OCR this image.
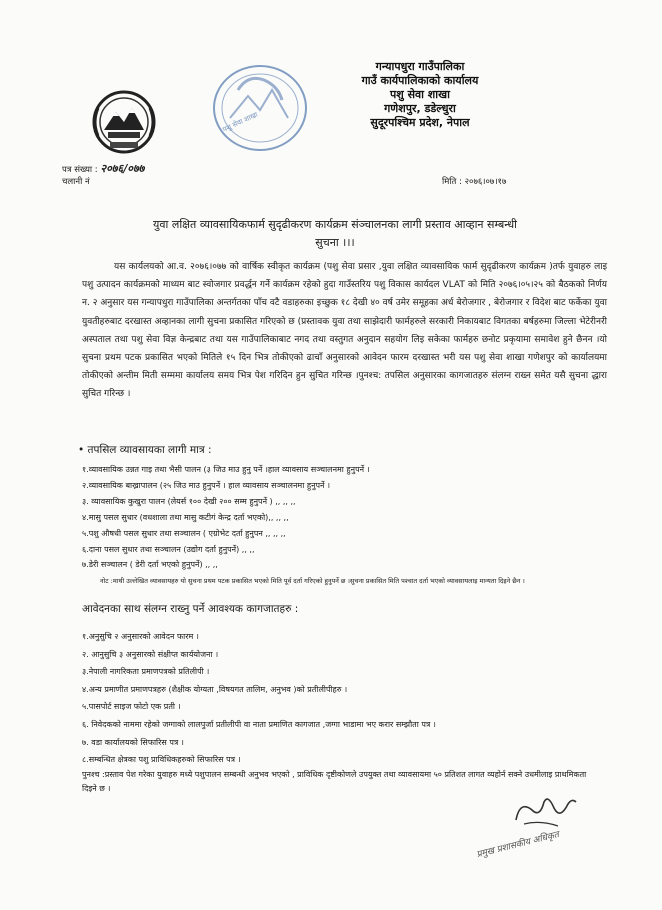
पशु सेवा शाखा
गन्यापधुरा गाउँपालिका
गाउँ कार्यपालिकाको कार्यालय
पशु सेवा शाखा
गणेशपुर, डडेल्धुरा
सुदूरपश्चिम प्रदेश, नेपाल
पत्र संख्या : २०७६/०७७
चलानी नं	मिति : २०७६।०७।१७
युवा लक्षित व्यावसायिकफार्म सुदृढीकरण कार्यक्रम संञ्चालनका लागी प्रस्ताव आव्हान सम्बन्धी
सुचना ।।।
यस कार्यलयको आ.व. २०७६।०७७ को वार्षिक स्वीकृत कार्यक्रम (पशु सेवा प्रसार ,युवा लक्षित व्यावसायिक फार्म सुदृढीकरण कार्यक्रम )तर्फ युवाहरु लाइ पशु उत्पादन कार्यक्रमको माध्यम बाट स्वोजगार प्रवर्द्धन गर्ने कार्यक्रम रहेको हुदा गाउँस्तरिय पशु विकास कार्यदल VLAT को मिति २०७६।०५।२५ को बैठकको निर्णय न. २ अनुसार यस गन्यापधुरा गाउँपालिका अन्तर्गतका पाँच वटै वडाहरुका इच्छुक १८ देखी ४० वर्ष उमेर समूहका अर्ध बेरोजगार , बेरोजगार र विदेश बाट फर्केका युवा युवतीहरुबाट दरखास्त अव्हानका लागी सुचना प्रकासित गरिएको छ (प्रस्तावक युवा तथा साझेदारी फार्महरुले सरकारी निकायबाट विगतका बर्षहरुमा जिल्ला भेटेरीनरी अस्पताल तथा पशु सेवा विज्ञ केन्द्रबाट तथा यस गाउँपालिकाबाट नगद तथा वस्तुगत अनुदान सहयोग लिइ सकेका फार्महरु छनोट प्रकृयामा समावेश हुने छैनन ।यो सुचना प्रथम पटक प्रकासित भएको मितिले १५ दिन भित्र तोकीएको ढाचाँ अनुसारको आवेदन फारम दरखास्त भरी यस पशु सेवा शाखा गणेशपुर को कार्यालयमा तोकीएको अन्तीम मिती सम्ममा कार्यालय समय भित्र पेश गरिदिन हुन सुचित गरिन्छ ।पुनश्च: तपसिल अनुसारका कागजातहरु संलग्न राख्न समेत यसै सुचना द्धारा सुचित गरिन्छ ।
• तपसिल व्यावसायका लागी मात्र :
१.व्यावसायिक उन्नत गाइ तथा भैसी पालन (३ जिउ माउ हुनु पर्ने ।हाल व्यावसाय सञ्चालनमा हुनुपर्ने ।
२.व्यावसायिक बाख्रापालन (२५ जिउ माउ हुनुपर्ने । हाल व्यावसाय सञ्चालनमा हुनुपर्ने ।
३. व्यावसायिक कुखुरा पालन (लेयर्स १०० देखी २०० सम्म हुनुपर्ने ) ,, ,, ,,
४.मासु पसल सुधार (वधशाला तथा मासु कटीगं केन्द्र दर्ता भएको),, ,, ,,
५.पशु औषधी पसल सुधार तथा सञ्चालन ( एग्रोभेट दर्ता हुनुपन ,, ,, ,,
६.दाना पसल सुधार तथा सञ्चालन (उद्योग दर्ता हुनुपर्ने) ,, ,,
७.डेरी सञ्चालन ( डेरी दर्ता भएको हुनुपर्ने) ,, ,,
नोट :माथी उल्लेखित व्यावसायहरु यो सुचना प्रथम पटक प्रकासित भएको मिति पूर्व दर्ता गरिएको हुनुपर्ने छ ।सुचना प्रकासित मिति पश्चात दर्ता भएको व्यावसायलाइ मान्यता दिइने छैन ।
आवेदनका साथ संलग्न राख्नु पर्ने आवश्यक कागजातहरु :
१.अनुसुचि २ अनुसारको आवेदन फारम ।
२. आनुसुचि ३ अनुसारको संक्षीप्त कार्ययोजना ।
३.नेपाली नागरिकता प्रमाणपत्रको प्रतिलीपी ।
४.अन्य प्रमाणीत प्रमाणपत्रहरु (शैक्षीक योग्यता ,विषयगत तालिम, अनुभव )को प्रतीलीपीहरु ।
५.पासपोर्ट साइज फोटो एक प्रती ।
६. निवेदकको नाममा रहेको जग्गाको लालपुर्जा प्रतीलीपी वा नाता प्रमाणित कागजात ,जग्गा भाडामा भए करार सम्झौता पत्र ।
७. वडा कार्यालयको सिफारिस पत्र ।
८.सम्बन्धित क्षेत्रका पशु प्राविधिकहरुको सिफारिस पत्र ।
पुनश्च :प्रस्ताव पेश गरेका युवाहरु मध्ये पशुपालन सम्बन्धी अनुभव भएको , प्राविधिक दृष्टीकोणले उपयुक्त तथा व्यावसायमा ५० प्रतिशत लागत व्यहोर्न सक्ने उधमीलाइ प्राथमिकता दिइने छ ।
प्रमुख प्रशासकीय अधिकृत
